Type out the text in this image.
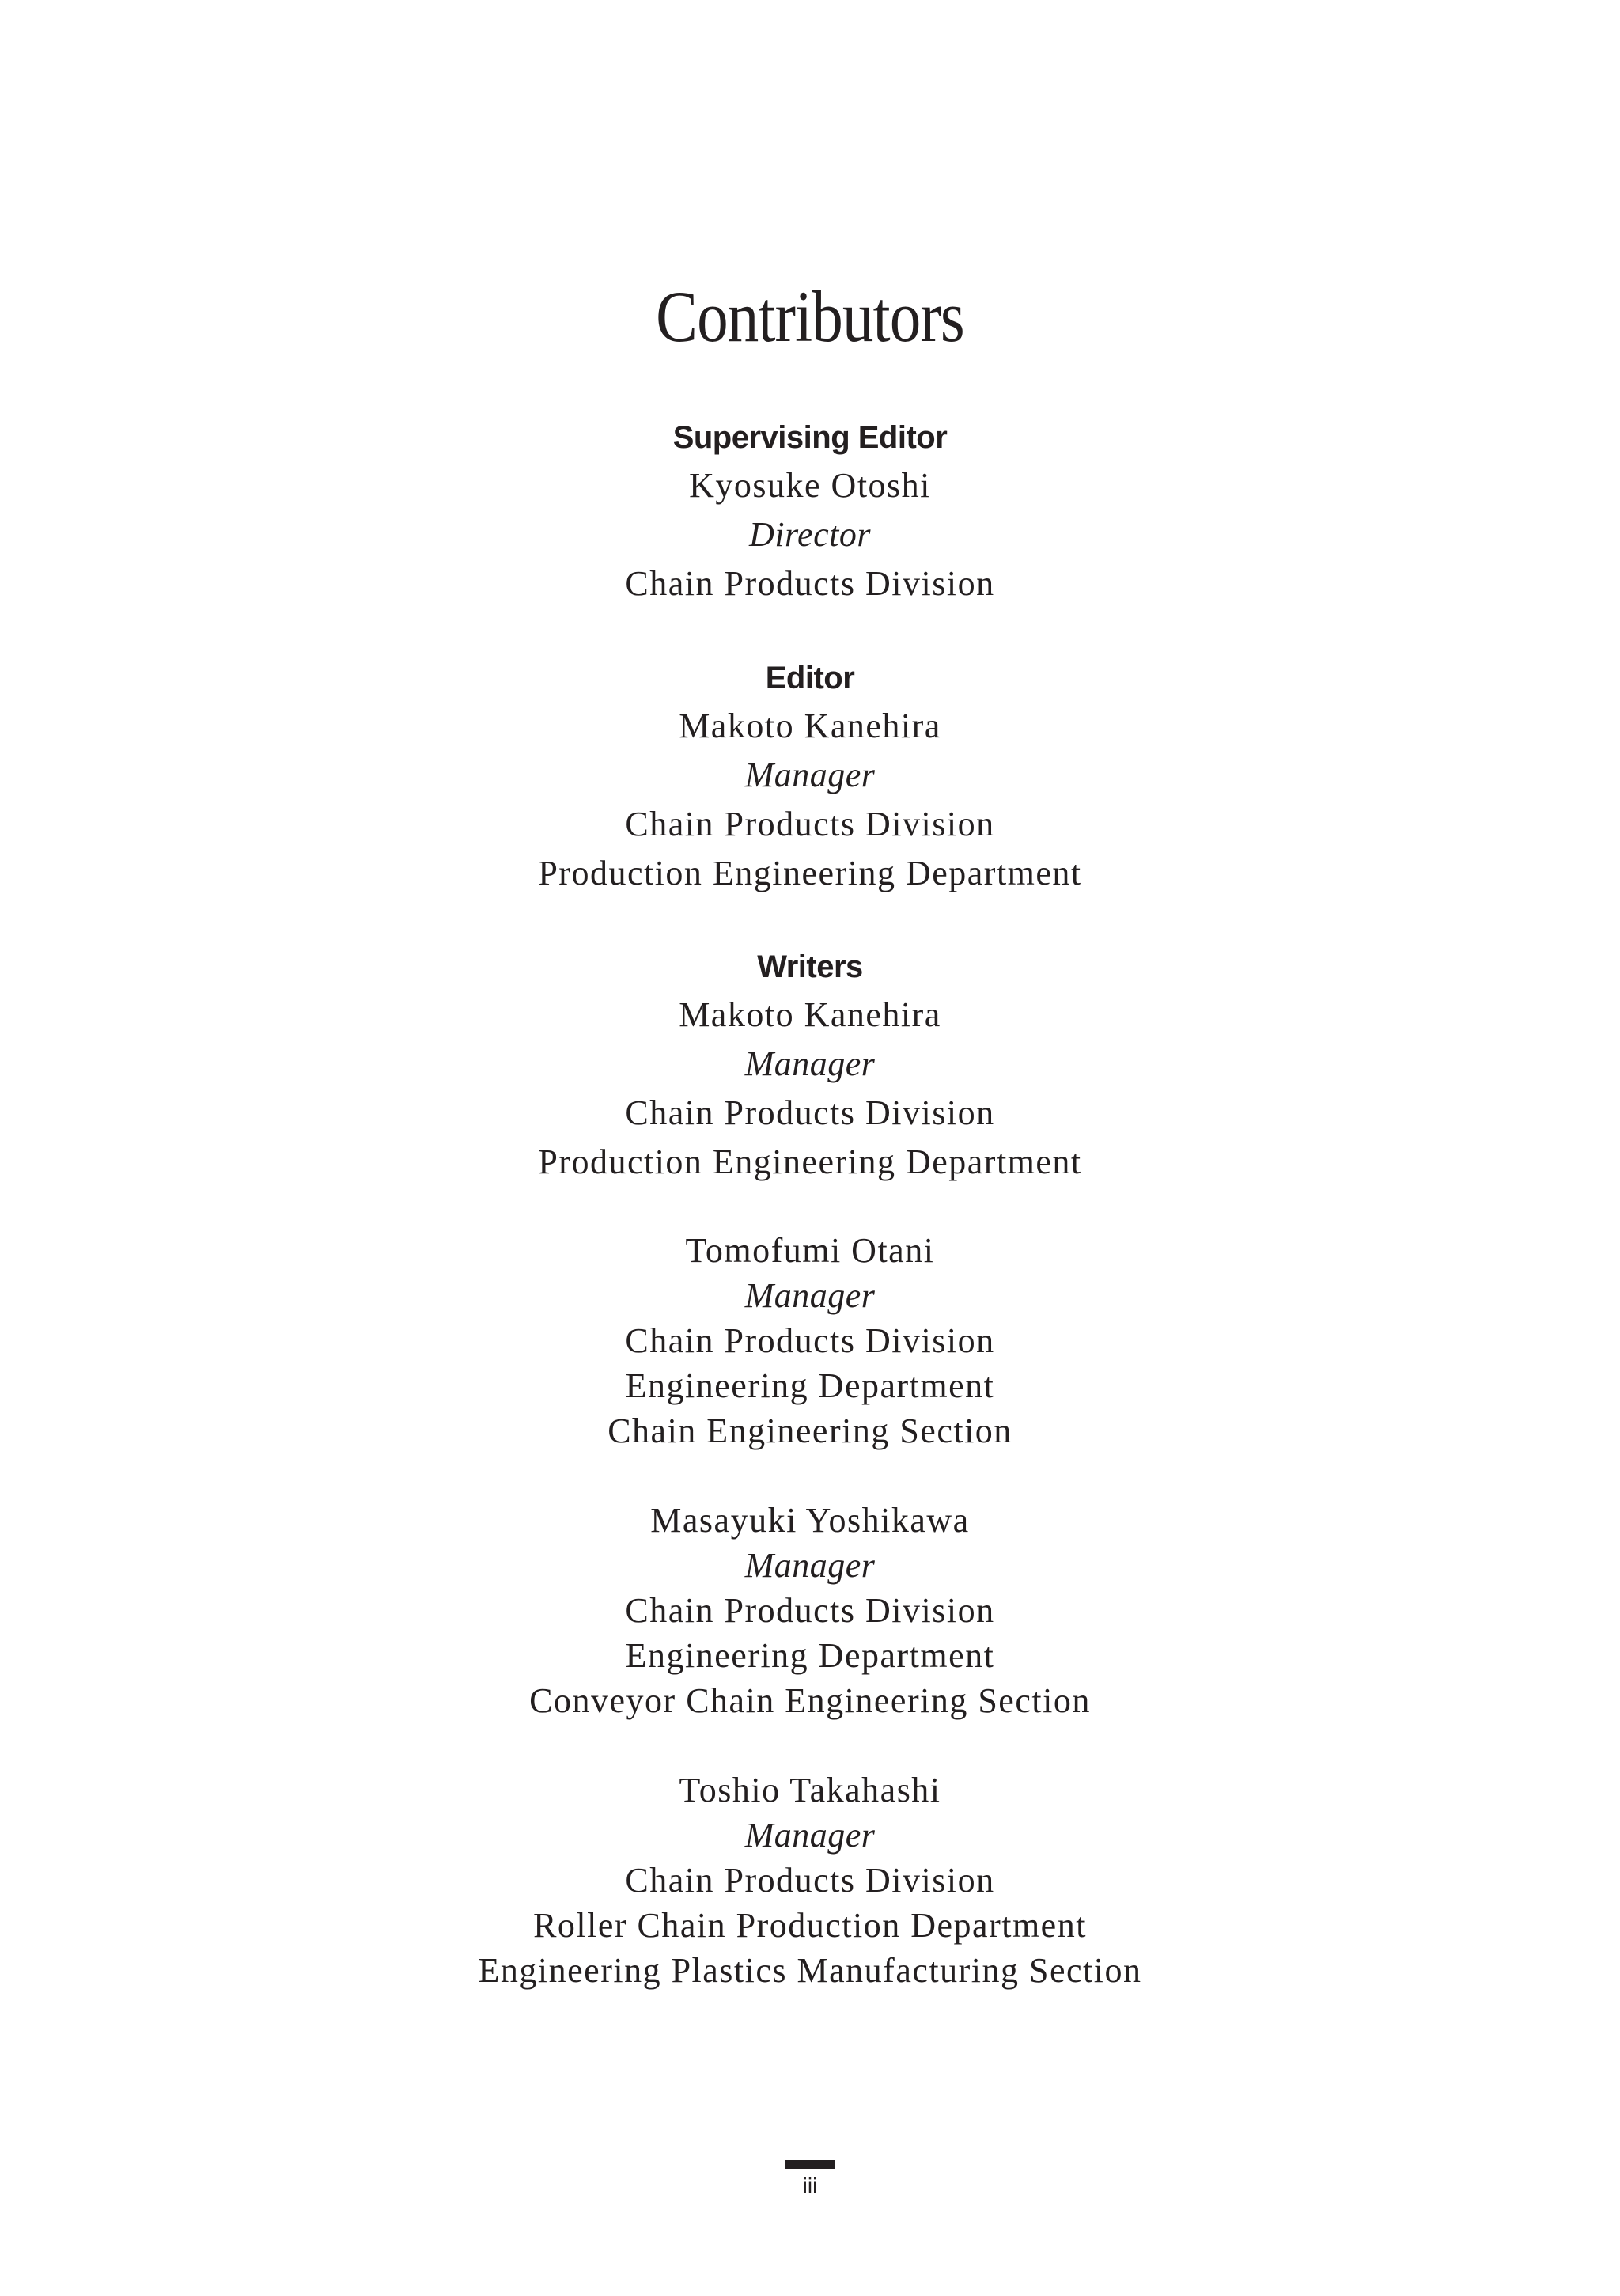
Contributors
Supervising Editor
Kyosuke Otoshi
Director
Chain Products Division
Editor
Makoto Kanehira
Manager
Chain Products Division
Production Engineering Department
Writers
Makoto Kanehira
Manager
Chain Products Division
Production Engineering Department
Tomofumi Otani
Manager
Chain Products Division
Engineering Department
Chain Engineering Section
Masayuki Yoshikawa
Manager
Chain Products Division
Engineering Department
Conveyor Chain Engineering Section
Toshio Takahashi
Manager
Chain Products Division
Roller Chain Production Department
Engineering Plastics Manufacturing Section
iii
